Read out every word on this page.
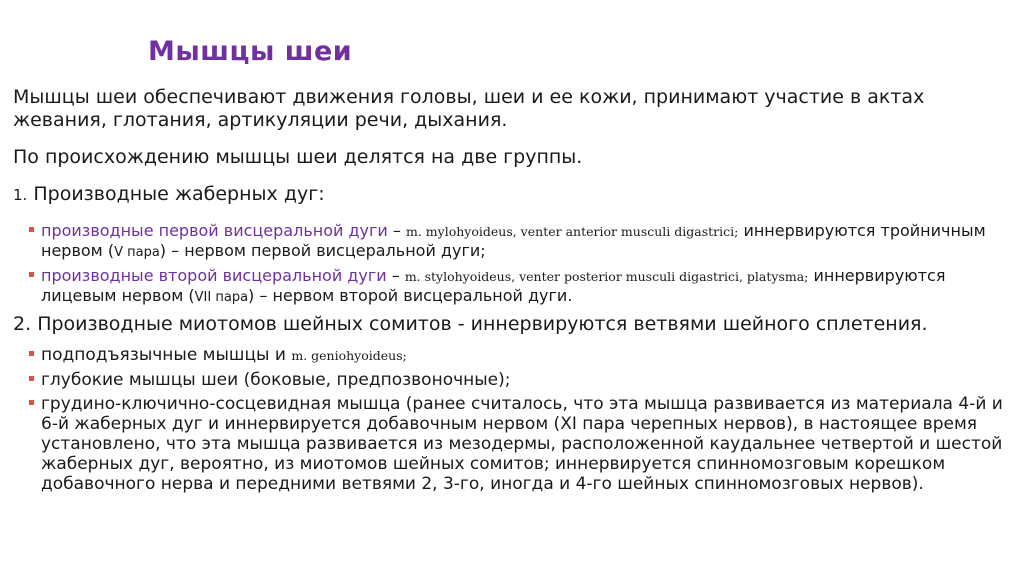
Мышцы шеи

Мышцы шеи обеспечивают движения головы, шеи и ее кожи, принимают участие в актах жевания, глотания, артикуляции речи, дыхания.

По происхождению мышцы шеи делятся на две группы.

1. Производные жаберных дуг:

производные первой висцеральной дуги – m. mylohyoideus, venter anterior musculi digastrici; иннервируются тройничным нервом (V пара) – нервом первой висцеральной дуги;
производные второй висцеральной дуги – m. stylohyoideus, venter posterior musculi digastrici, platysma; иннервируются лицевым нервом (VII пара) – нервом второй висцеральной дуги.

2. Производные миотомов шейных сомитов - иннервируются ветвями шейного сплетения.

подподъязычные мышцы и m. geniohyoideus;
глубокие мышцы шеи (боковые, предпозвоночные);
грудино-ключично-сосцевидная мышца (ранее считалось, что эта мышца развивается из материала 4-й и 6-й жаберных дуг и иннервируется добавочным нервом (XI пара черепных нервов), в настоящее время установлено, что эта мышца развивается из мезодермы, расположенной каудальнее четвертой и шестой жаберных дуг, вероятно, из миотомов шейных сомитов; иннервируется спинномозговым корешком добавочного нерва и передними ветвями 2, 3-го, иногда и 4-го шейных спинномозговых нервов).
